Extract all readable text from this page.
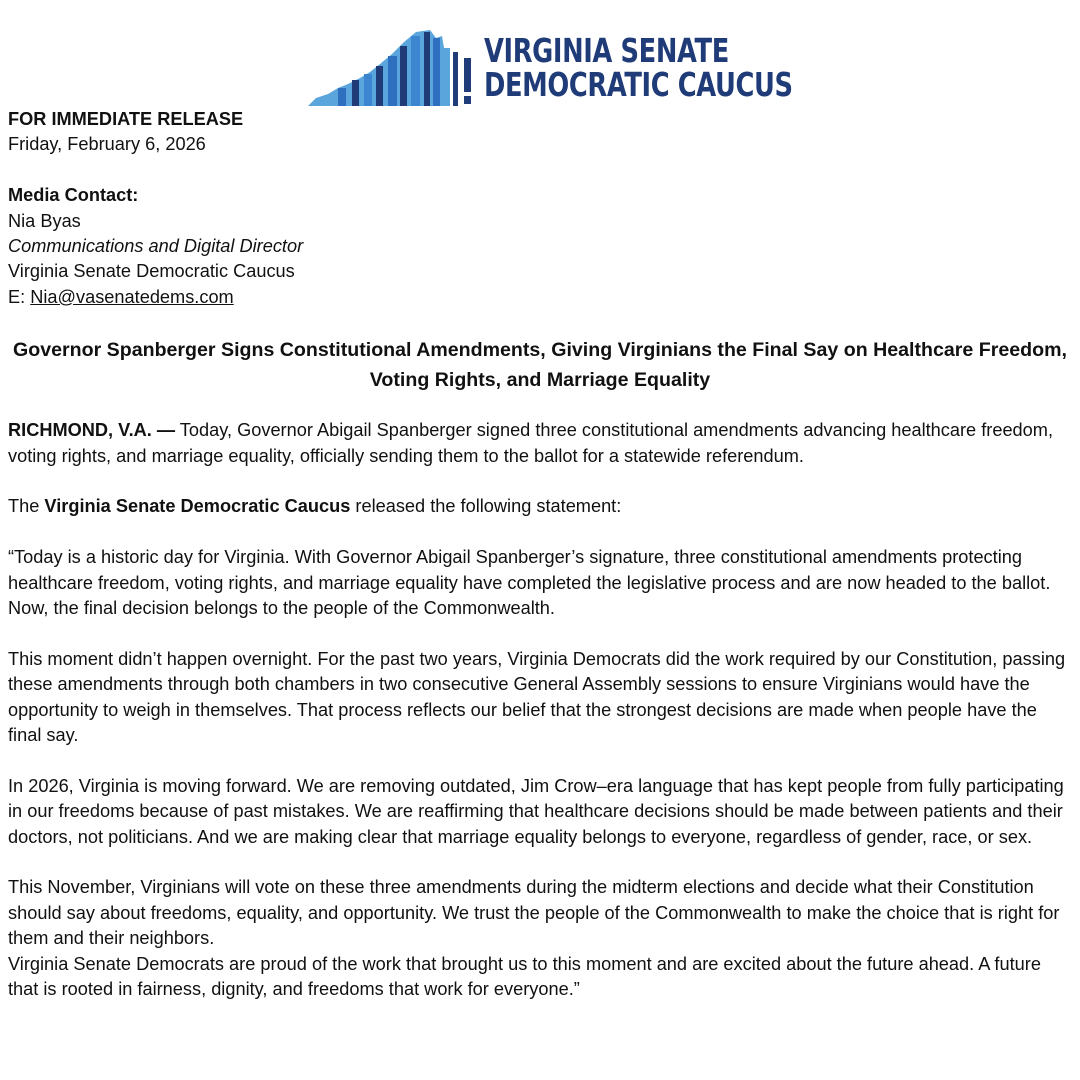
VIRGINIA SENATE
DEMOCRATIC CAUCUS

FOR IMMEDIATE RELEASE

Friday, February 6, 2026

Media Contact:

Nia Byas

Communications and Digital Director

Virginia Senate Democratic Caucus

E: Nia@vasenatedems.com

Governor Spanberger Signs Constitutional Amendments, Giving Virginians the Final Say on Healthcare Freedom, Voting Rights, and Marriage Equality

RICHMOND, V.A. — Today, Governor Abigail Spanberger signed three constitutional amendments advancing healthcare freedom, voting rights, and marriage equality, officially sending them to the ballot for a statewide referendum.

The Virginia Senate Democratic Caucus released the following statement:

“Today is a historic day for Virginia. With Governor Abigail Spanberger’s signature, three constitutional amendments protecting healthcare freedom, voting rights, and marriage equality have completed the legislative process and are now headed to the ballot. Now, the final decision belongs to the people of the Commonwealth.

This moment didn’t happen overnight. For the past two years, Virginia Democrats did the work required by our Constitution, passing these amendments through both chambers in two consecutive General Assembly sessions to ensure Virginians would have the opportunity to weigh in themselves. That process reflects our belief that the strongest decisions are made when people have the final say.

In 2026, Virginia is moving forward. We are removing outdated, Jim Crow–era language that has kept people from fully participating in our freedoms because of past mistakes. We are reaffirming that healthcare decisions should be made between patients and their doctors, not politicians. And we are making clear that marriage equality belongs to everyone, regardless of gender, race, or sex.

This November, Virginians will vote on these three amendments during the midterm elections and decide what their Constitution should say about freedoms, equality, and opportunity. We trust the people of the Commonwealth to make the choice that is right for them and their neighbors.

Virginia Senate Democrats are proud of the work that brought us to this moment and are excited about the future ahead. A future that is rooted in fairness, dignity, and freedoms that work for everyone.”
